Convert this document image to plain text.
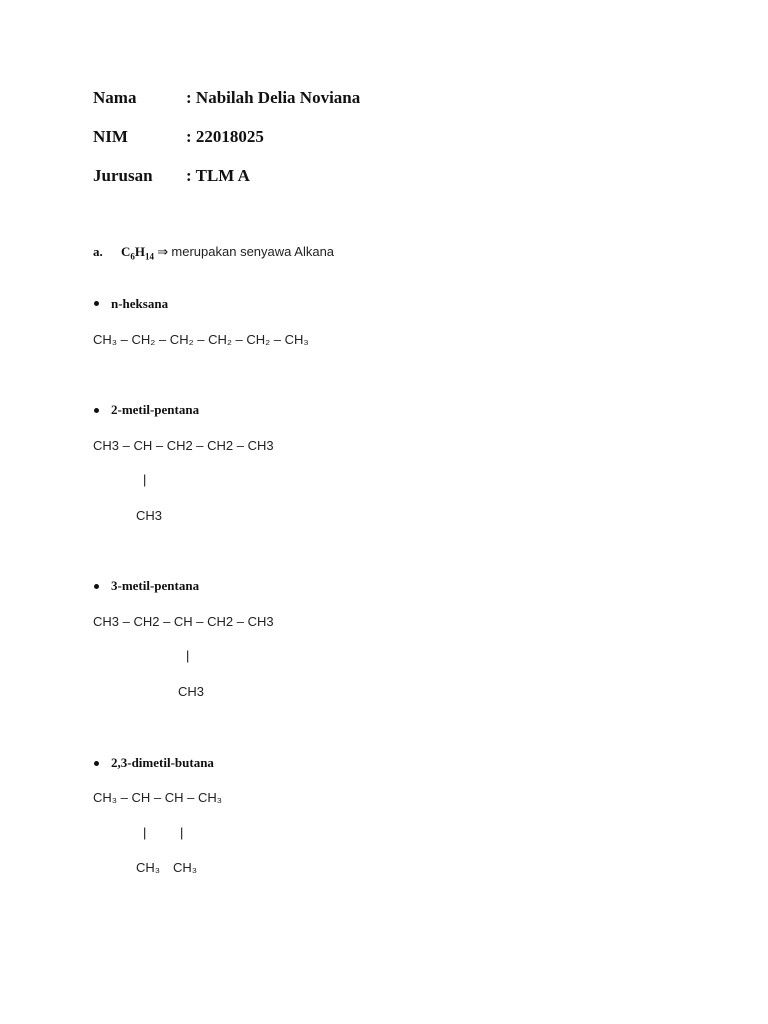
Nama	: Nabilah Delia Noviana
NIM	: 22018025
Jurusan : TLM A
a. $C_6H_{14}$ ⇒ merupakan senyawa Alkana
n-heksana
CH₃ – CH₂ – CH₂ – CH₂ – CH₂ – CH₃
2-metil-pentana
CH3 – CH – CH2 – CH2 – CH3
|
CH3
3-metil-pentana
CH3 – CH2 – CH – CH2 – CH3
|
CH3
2,3-dimetil-butana
CH₃ – CH – CH – CH₃
|	|
CH₃ CH₃
